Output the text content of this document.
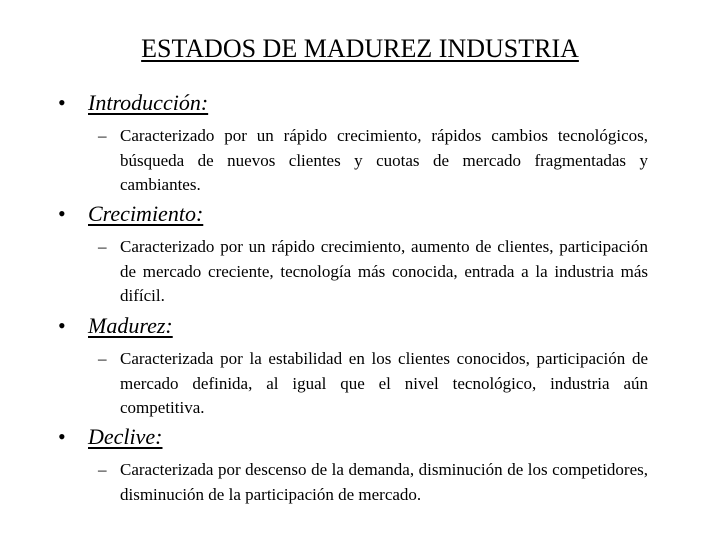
ESTADOS DE MADUREZ INDUSTRIA
•	Introducción:
– Caracterizado por un rápido crecimiento, rápidos cambios tecnológicos, búsqueda de nuevos clientes y cuotas de mercado fragmentadas y cambiantes.
•	Crecimiento:
– Caracterizado por un rápido crecimiento, aumento de clientes, participación de mercado creciente, tecnología más conocida, entrada a la industria más difícil.
•	Madurez:
– Caracterizada por la estabilidad en los clientes conocidos, participación de mercado definida, al igual que el nivel tecnológico, industria aún competitiva.
•	Declive:
– Caracterizada por descenso de la demanda, disminución de los competidores, disminución de la participación de mercado.
